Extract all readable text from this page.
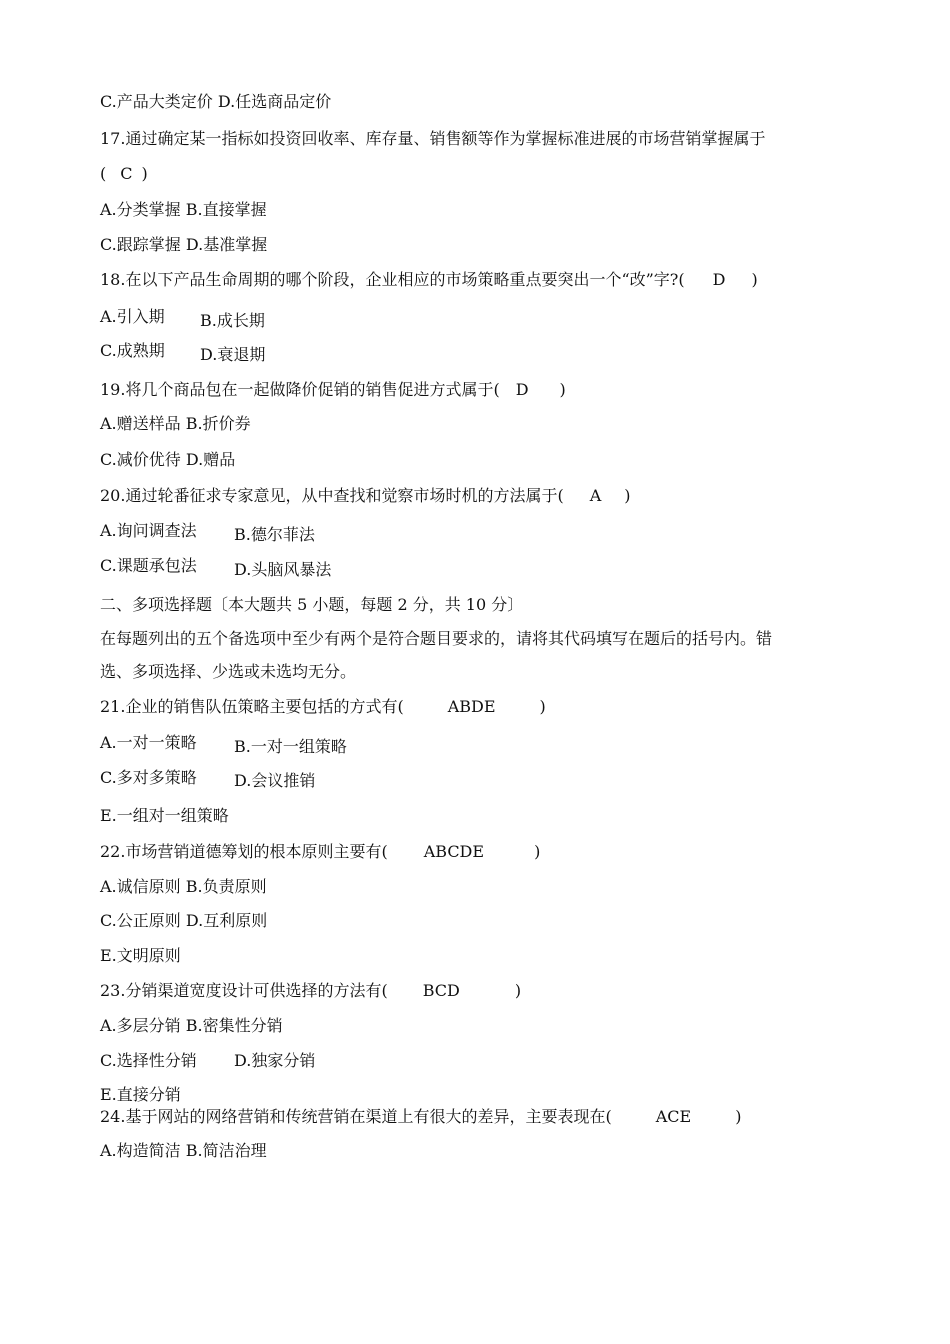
C.产品大类定价 D.任选商品定价
17.通过确定某一指标如投资回收率、库存量、销售额等作为掌握标准进展的市场营销掌握属于
( C )
A.分类掌握 B.直接掌握
C.跟踪掌握 D.基准掌握
18.在以下产品生命周期的哪个阶段，企业相应的市场策略重点要突出一个“改”字?( D )
A.引入期 B.成长期
C.成熟期 D.衰退期
19.将几个商品包在一起做降价促销的销售促进方式属于( D )
A.赠送样品 B.折价券
C.减价优待 D.赠品
20.通过轮番征求专家意见，从中查找和觉察市场时机的方法属于( A )
A.询问调查法 B.德尔菲法
C.课题承包法 D.头脑风暴法
二、多项选择题〔本大题共 5 小题，每题 2 分，共 10 分〕
在每题列出的五个备选项中至少有两个是符合题目要求的，请将其代码填写在题后的括号内。错
选、多项选择、少选或未选均无分。
21.企业的销售队伍策略主要包括的方式有(	ABDE	)
A.一对一策略 B.一对一组策略
C.多对多策略 D.会议推销
E.一组对一组策略
22.市场营销道德筹划的根本原则主要有( ABCDE	)
A.诚信原则 B.负责原则
C.公正原则 D.互利原则
E.文明原则
23.分销渠道宽度设计可供选择的方法有( BCD	)
A.多层分销 B.密集性分销
C.选择性分销 D.独家分销
E.直接分销
24.基于网站的网络营销和传统营销在渠道上有很大的差异，主要表现在(	ACE	)
A.构造简洁 B.简洁治理
